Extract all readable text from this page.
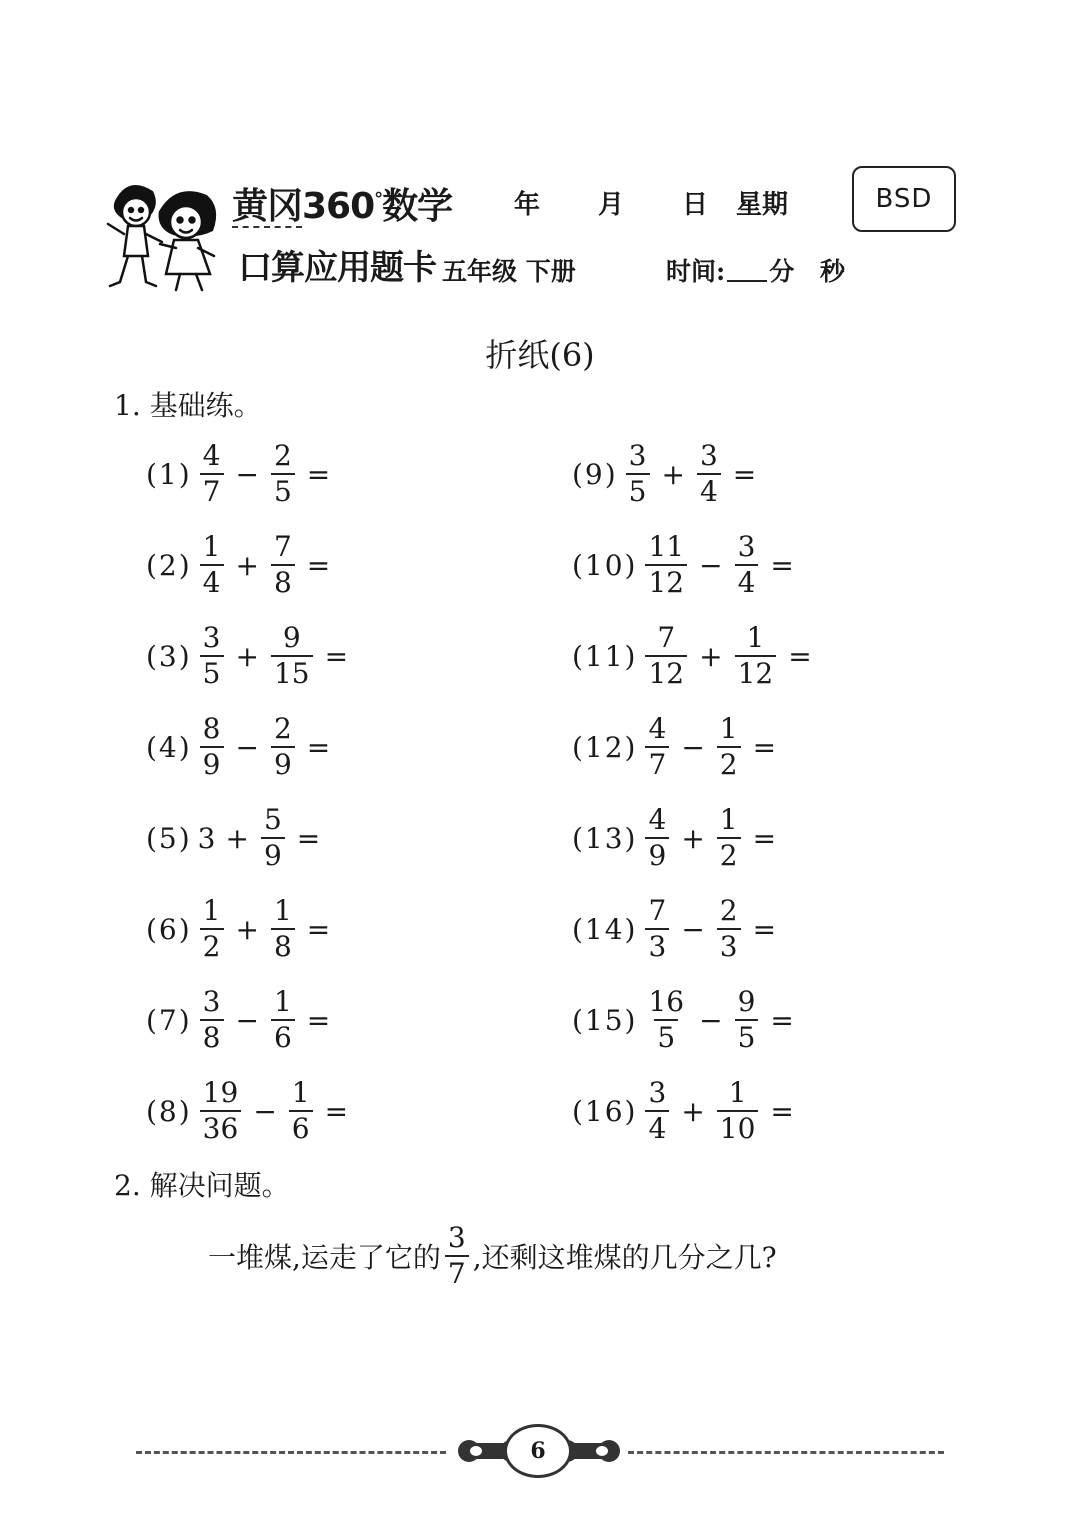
黄冈360°数学
口算应用题卡
年 月 日 星期
五年级 下册	时间: 分 秒
BSD
折纸(6)
1. 基础练。
$(1) \frac{4}{7} - \frac{2}{5}$ =
$(2) \frac{1}{4} + \frac{7}{8}$ =
$(3) \frac{3}{5} + \frac{9}{15}$ =
$(4) \frac{8}{9} - \frac{2}{9}$ =
(5) $3 + \frac{5}{9}$ =
$(6) \frac{1}{2} + \frac{1}{8}$ =
$(7) \frac{3}{8} - \frac{1}{6}$ =
$(8) \frac{19}{36} - \frac{1}{6}$ =
$(9) \frac{3}{5} + \frac{3}{4}$ =
$(10) \frac{11}{12} - \frac{3}{4}$ =
$(11) \frac{7}{12} + \frac{1}{12}$ =
$(12) \frac{4}{7} - \frac{1}{2}$ =
$(13) \frac{4}{9} + \frac{1}{2}$ =
$(14) \frac{7}{3} - \frac{2}{3}$ =
$(15) \frac{16}{5} - \frac{9}{5}$ =
$(16) \frac{3}{4} + \frac{1}{10}$ =
2. 解决问题。
一堆煤,运走了它的 $\frac{3}{7}$ ,还剩这堆煤的几分之几?
6
